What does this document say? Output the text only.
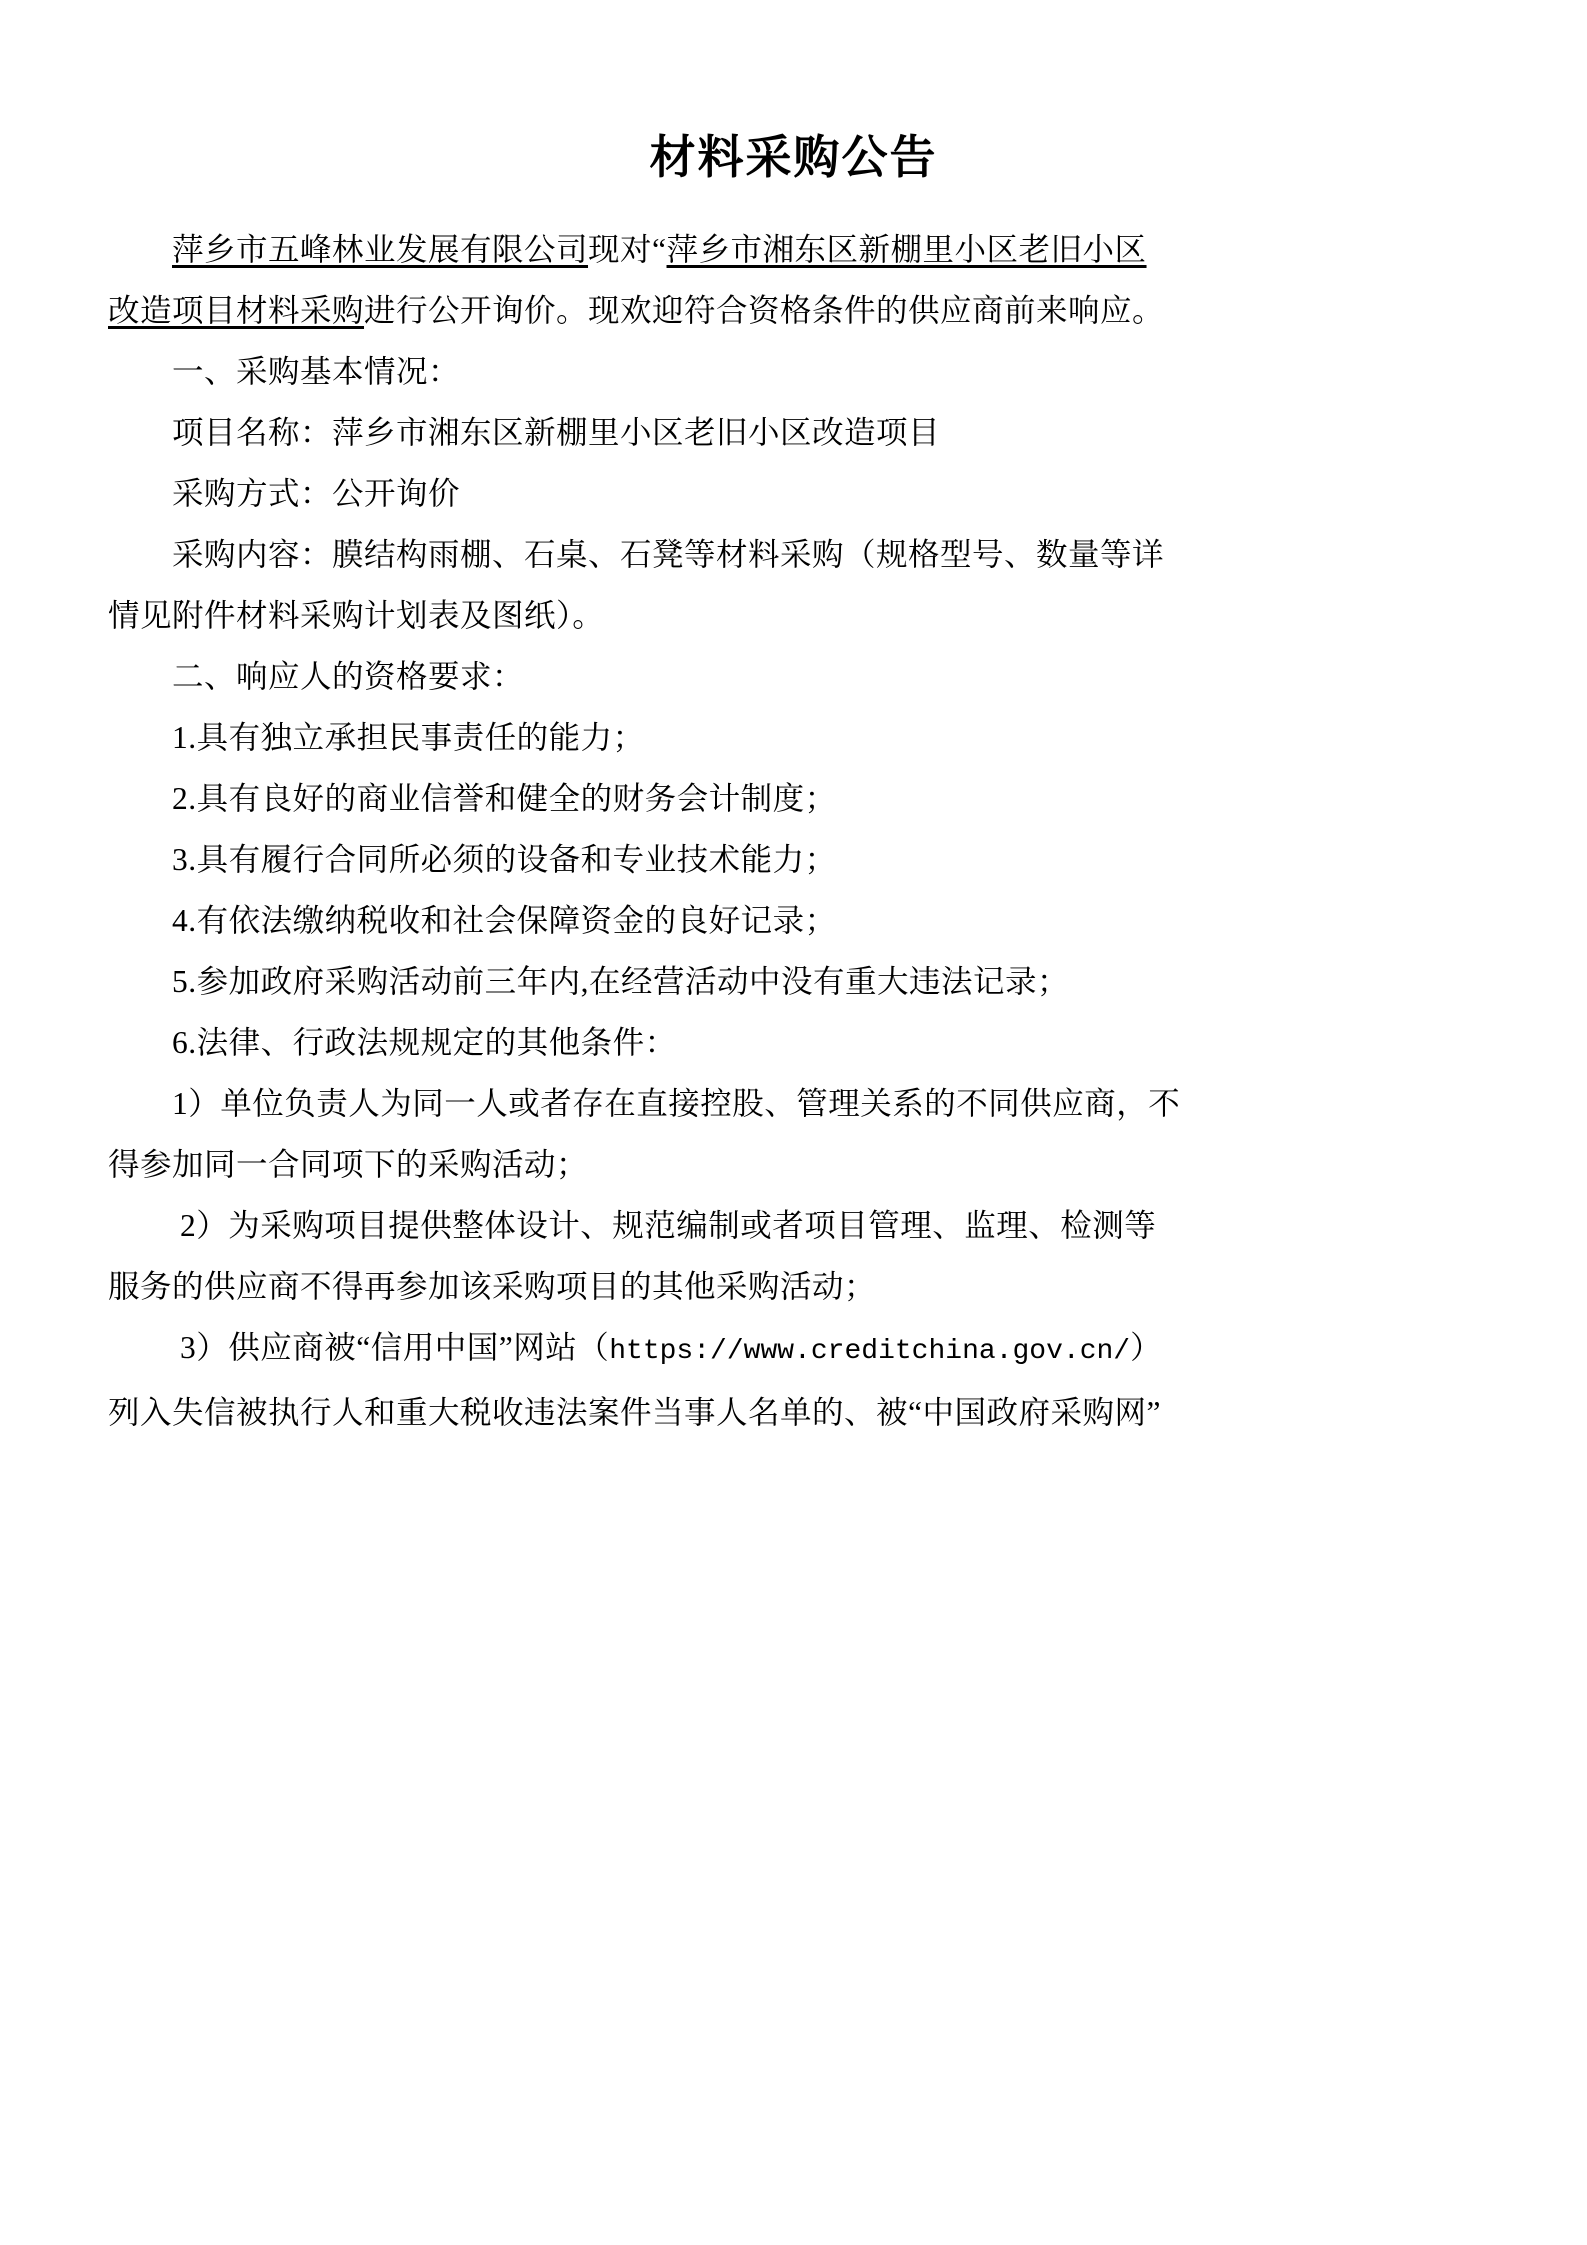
材料采购公告

萍乡市五峰林业发展有限公司现对“萍乡市湘东区新棚里小区老旧小区

改造项目材料采购进行公开询价。现欢迎符合资格条件的供应商前来响应。

一、采购基本情况：

项目名称：萍乡市湘东区新棚里小区老旧小区改造项目

采购方式：公开询价

采购内容：膜结构雨棚、石桌、石凳等材料采购（规格型号、数量等详

情见附件材料采购计划表及图纸）。

二、响应人的资格要求：

1.具有独立承担民事责任的能力；

2.具有良好的商业信誉和健全的财务会计制度；

3.具有履行合同所必须的设备和专业技术能力；

4.有依法缴纳税收和社会保障资金的良好记录；

5.参加政府采购活动前三年内,在经营活动中没有重大违法记录；

6.法律、行政法规规定的其他条件：

1）单位负责人为同一人或者存在直接控股、管理关系的不同供应商，不

得参加同一合同项下的采购活动；

2）为采购项目提供整体设计、规范编制或者项目管理、监理、检测等

服务的供应商不得再参加该采购项目的其他采购活动；

3）供应商被“信用中国”网站（https://www.creditchina.gov.cn/）

列入失信被执行人和重大税收违法案件当事人名单的、被“中国政府采购网”
